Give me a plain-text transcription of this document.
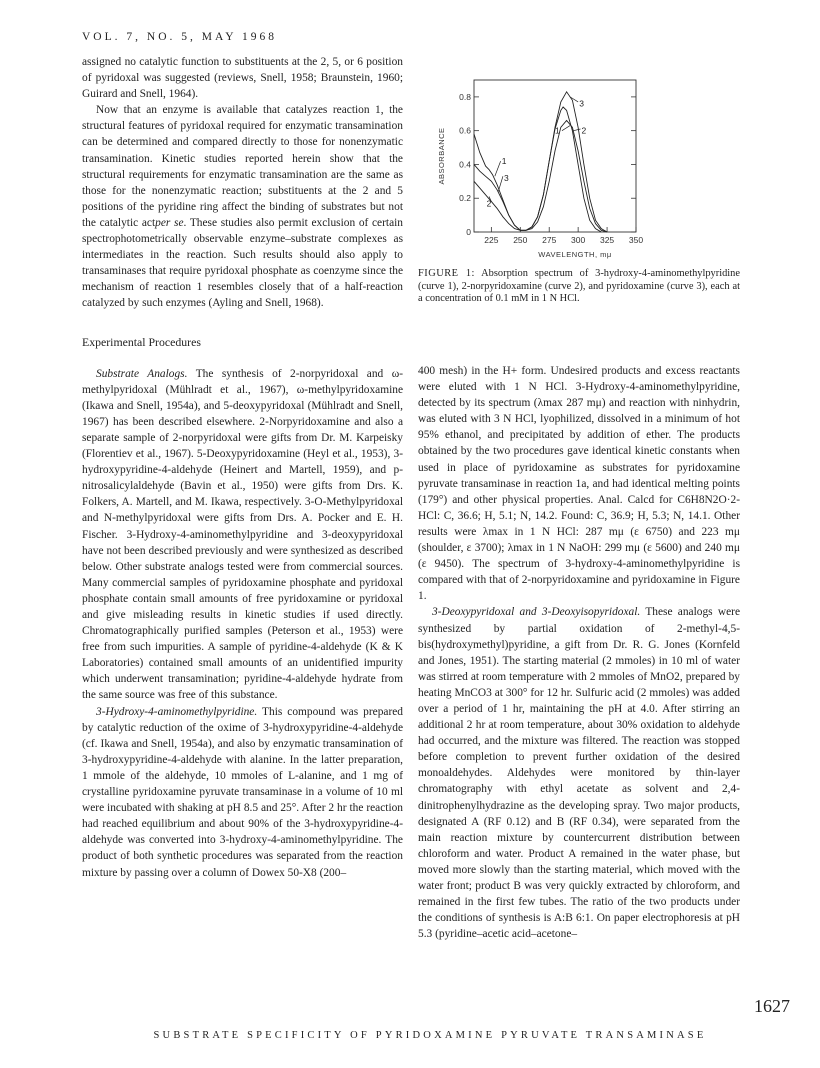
VOL. 7, NO. 5, MAY 1968

assigned no catalytic function to substituents at the 2, 5, or 6 position of pyridoxal was suggested (reviews, Snell, 1958; Braunstein, 1960; Guirard and Snell, 1964).

Now that an enzyme is available that catalyzes reaction 1, the structural features of pyridoxal required for enzymatic transamination can be determined and compared directly to those for nonenzymatic transamination. Kinetic studies reported herein show that the structural requirements for enzymatic transamination are the same as those for the nonenzymatic reaction; substituents at the 2 and 5 positions of the pyridine ring affect the binding of substrates but not the catalytic actper se. These studies also permit exclusion of certain spectrophotometrically observable enzyme–substrate complexes as intermediates in the reaction. Such results should also apply to transaminases that require pyridoxal phosphate as coenzyme since the mechanism of reaction 1 resembles closely that of a half-reaction catalyzed by such enzymes (Ayling and Snell, 1968).

Experimental Procedures

Substrate Analogs. The synthesis of 2-norpyridoxal and ω-methylpyridoxal (Mühlradt et al., 1967), ω-methylpyridoxamine (Ikawa and Snell, 1954a), and 5-deoxypyridoxal (Mühlradt and Snell, 1967) has been described elsewhere. 2-Norpyridoxamine and also a separate sample of 2-norpyridoxal were gifts from Dr. M. Karpeisky (Florentiev et al., 1967). 5-Deoxypyridoxamine (Heyl et al., 1953), 3-hydroxypyridine-4-aldehyde (Heinert and Martell, 1959), and p-nitrosalicylaldehyde (Bavin et al., 1950) were gifts from Drs. K. Folkers, A. Martell, and M. Ikawa, respectively. 3-O-Methylpyridoxal and N-methylpyridoxal were gifts from Drs. A. Pocker and E. H. Fischer. 3-Hydroxy-4-aminomethylpyridine and 3-deoxypyridoxal have not been described previously and were synthesized as described below. Other substrate analogs tested were from commercial sources. Many commercial samples of pyridoxamine phosphate and pyridoxal phosphate contain small amounts of free pyridoxamine or pyridoxal and give misleading results in kinetic studies if used directly. Chromatographically purified samples (Peterson et al., 1953) were free from such impurities. A sample of pyridine-4-aldehyde (K & K Laboratories) contained small amounts of an unidentified impurity which underwent transamination; pyridine-4-aldehyde hydrate from the same source was free of this substance.

3-Hydroxy-4-aminomethylpyridine. This compound was prepared by catalytic reduction of the oxime of 3-hydroxypyridine-4-aldehyde (cf. Ikawa and Snell, 1954a), and also by enzymatic transamination of 3-hydroxypyridine-4-aldehyde with alanine. In the latter preparation, 1 mmole of the aldehyde, 10 mmoles of L-alanine, and 1 mg of crystalline pyridoxamine pyruvate transaminase in a volume of 10 ml were incubated with shaking at pH 8.5 and 25°. After 2 hr the reaction had reached equilibrium and about 90% of the 3-hydroxypyridine-4-aldehyde was converted into 3-hydroxy-4-aminomethylpyridine. The product of both synthetic procedures was separated from the reaction mixture by passing over a column of Dowex 50-X8 (200–

225 250 275 300 325 350
0
0.2
0.4
0.6
0.8
WAVELENGTH, mμ
ABSORBANCE	1	2
3
1
2
3
FIGURE 1: Absorption spectrum of 3-hydroxy-4-aminomethylpyridine (curve 1), 2-norpyridoxamine (curve 2), and pyridoxamine (curve 3), each at a concentration of 0.1 mM in 1 N HCl.

400 mesh) in the H+ form. Undesired products and excess reactants were eluted with 1 N HCl. 3-Hydroxy-4-aminomethylpyridine, detected by its spectrum (λmax 287 mμ) and reaction with ninhydrin, was eluted with 3 N HCl, lyophilized, dissolved in a minimum of hot 95% ethanol, and precipitated by addition of ether. The products obtained by the two procedures gave identical kinetic constants when used in place of pyridoxamine as substrates for pyridoxamine pyruvate transaminase in reaction 1a, and had identical melting points (179°) and other physical properties. Anal. Calcd for C6H8N2O·2-HCl: C, 36.6; H, 5.1; N, 14.2. Found: C, 36.9; H, 5.3; N, 14.1. Other results were λmax in 1 N HCl: 287 mμ (ε 6750) and 223 mμ (shoulder, ε 3700); λmax in 1 N NaOH: 299 mμ (ε 5600) and 240 mμ (ε 9450). The spectrum of 3-hydroxy-4-aminomethylpyridine is compared with that of 2-norpyridoxamine and pyridoxamine in Figure 1.

3-Deoxypyridoxal and 3-Deoxyisopyridoxal. These analogs were synthesized by partial oxidation of 2-methyl-4,5-bis(hydroxymethyl)pyridine, a gift from Dr. R. G. Jones (Kornfeld and Jones, 1951). The starting material (2 mmoles) in 10 ml of water was stirred at room temperature with 2 mmoles of MnO2, prepared by heating MnCO3 at 300° for 12 hr. Sulfuric acid (2 mmoles) was added over a period of 1 hr, maintaining the pH at 4.0. After stirring an additional 2 hr at room temperature, about 30% oxidation to aldehyde had occurred, and the mixture was filtered. The reaction was stopped before completion to prevent further oxidation of the desired monoaldehydes. Aldehydes were monitored by thin-layer chromatography with ethyl acetate as solvent and 2,4-dinitrophenylhydrazine as the developing spray. Two major products, designated A (RF 0.12) and B (RF 0.34), were separated from the main reaction mixture by countercurrent distribution between chloroform and water. Product A remained in the water phase, but moved more slowly than the starting material, which moved with the water front; product B was very quickly extracted by chloroform, and remained in the first few tubes. The ratio of the two products under the conditions of synthesis is A:B 6:1. On paper electrophoresis at pH 5.3 (pyridine–acetic acid–acetone–

1627
SUBSTRATE SPECIFICITY OF PYRIDOXAMINE PYRUVATE TRANSAMINASE
